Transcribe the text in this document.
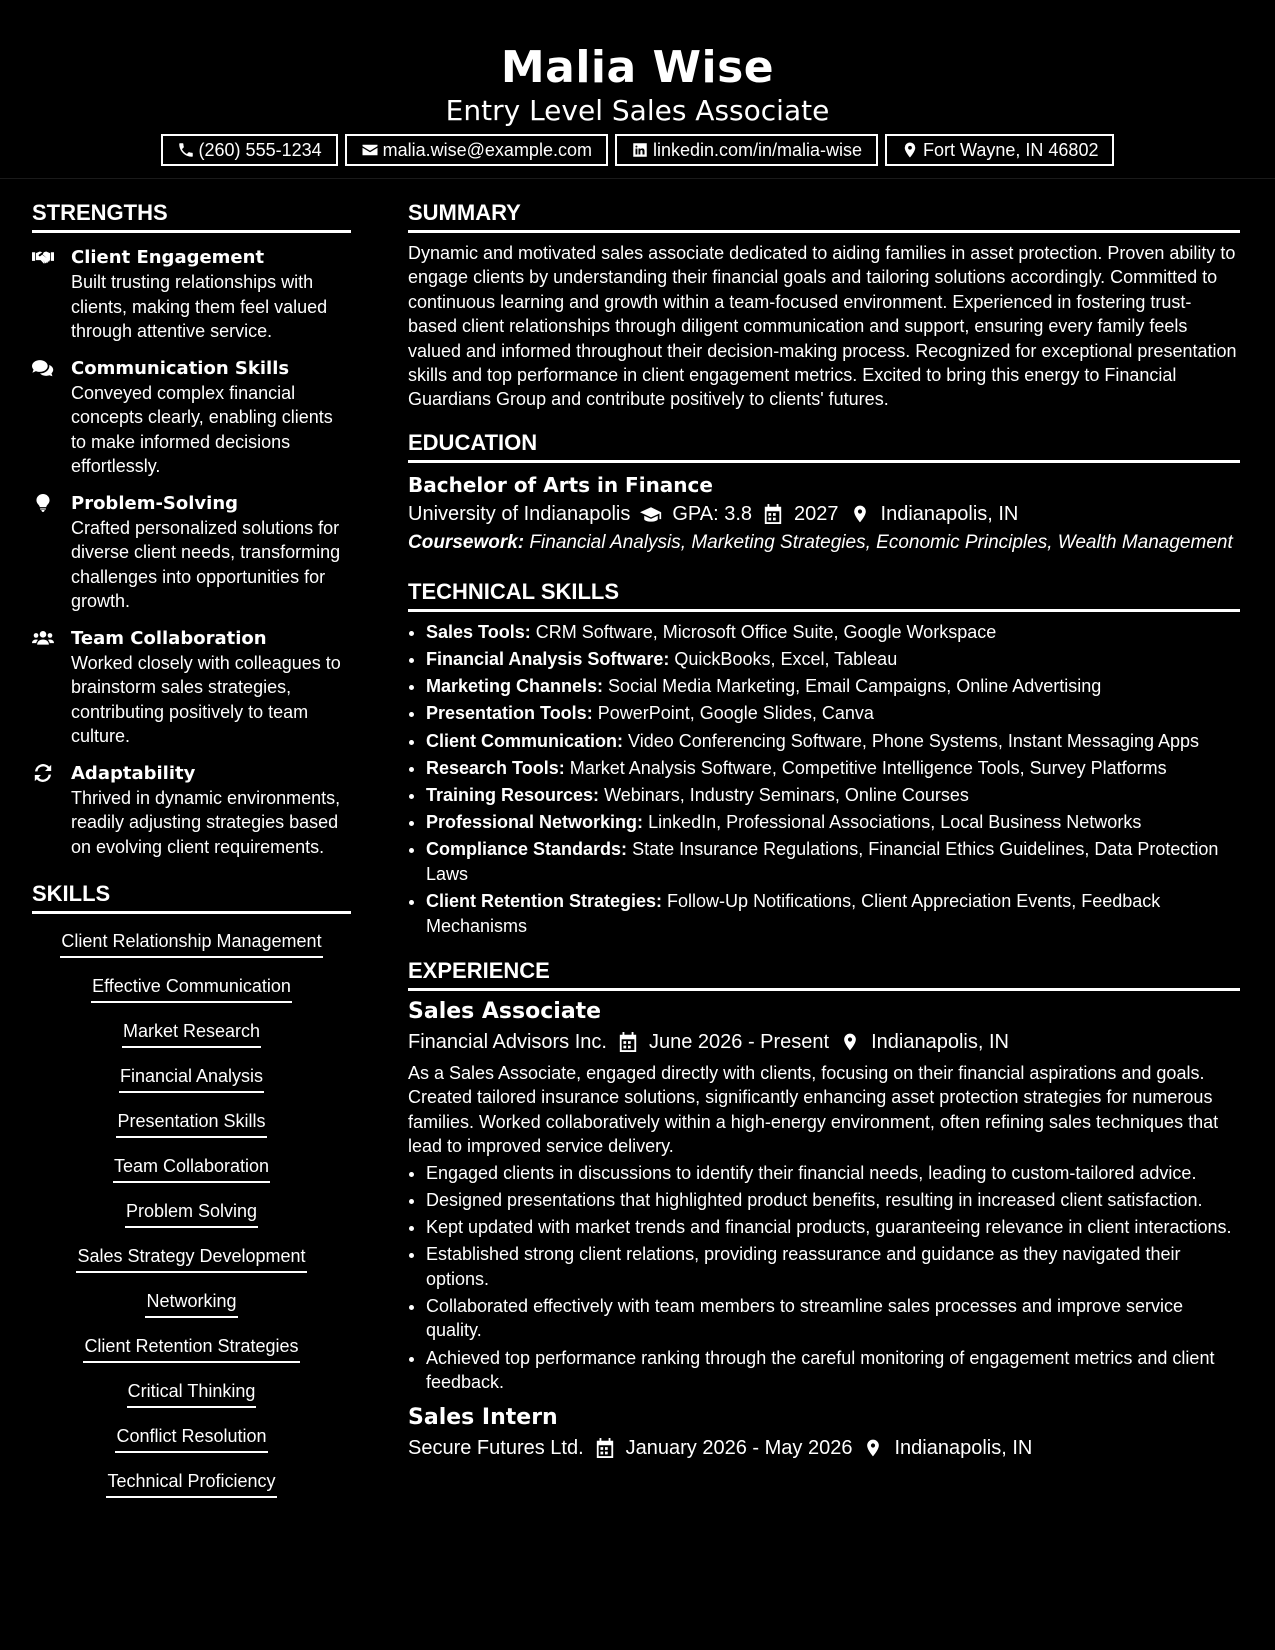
Malia Wise
Entry Level Sales Associate
(260) 555-1234	malia.wise@example.com	linkedin.com/in/malia-wise	Fort Wayne, IN 46802
STRENGTHS
Client Engagement
Built trusting relationships with clients, making them feel valued through attentive service.
Communication Skills
Conveyed complex financial concepts clearly, enabling clients to make informed decisions effortlessly.
Problem-Solving
Crafted personalized solutions for diverse client needs, transforming challenges into opportunities for growth.
Team Collaboration
Worked closely with colleagues to brainstorm sales strategies, contributing positively to team culture.
Adaptability
Thrived in dynamic environments, readily adjusting strategies based on evolving client requirements.
SKILLS
Client Relationship Management
Effective Communication
Market Research
Financial Analysis
Presentation Skills
Team Collaboration
Problem Solving
Sales Strategy Development
Networking
Client Retention Strategies
Critical Thinking
Conflict Resolution
Technical Proficiency
SUMMARY
Dynamic and motivated sales associate dedicated to aiding families in asset protection. Proven ability to engage clients by understanding their financial goals and tailoring solutions accordingly. Committed to continuous learning and growth within a team-focused environment. Experienced in fostering trust-based client relationships through diligent communication and support, ensuring every family feels valued and informed throughout their decision-making process. Recognized for exceptional presentation skills and top performance in client engagement metrics. Excited to bring this energy to Financial Guardians Group and contribute positively to clients' futures.
EDUCATION
Bachelor of Arts in Finance
University of Indianapolis GPA: 3.8 2027 Indianapolis, IN
Coursework: Financial Analysis, Marketing Strategies, Economic Principles, Wealth Management
TECHNICAL SKILLS
• Sales Tools: CRM Software, Microsoft Office Suite, Google Workspace
• Financial Analysis Software: QuickBooks, Excel, Tableau
• Marketing Channels: Social Media Marketing, Email Campaigns, Online Advertising
• Presentation Tools: PowerPoint, Google Slides, Canva
• Client Communication: Video Conferencing Software, Phone Systems, Instant Messaging Apps
• Research Tools: Market Analysis Software, Competitive Intelligence Tools, Survey Platforms
• Training Resources: Webinars, Industry Seminars, Online Courses
• Professional Networking: LinkedIn, Professional Associations, Local Business Networks
• Compliance Standards: State Insurance Regulations, Financial Ethics Guidelines, Data Protection Laws
• Client Retention Strategies: Follow-Up Notifications, Client Appreciation Events, Feedback Mechanisms
EXPERIENCE
Sales Associate
Financial Advisors Inc. June 2026 - Present Indianapolis, IN
As a Sales Associate, engaged directly with clients, focusing on their financial aspirations and goals. Created tailored insurance solutions, significantly enhancing asset protection strategies for numerous families. Worked collaboratively within a high-energy environment, often refining sales techniques that lead to improved service delivery.
• Engaged clients in discussions to identify their financial needs, leading to custom-tailored advice.
• Designed presentations that highlighted product benefits, resulting in increased client satisfaction.
• Kept updated with market trends and financial products, guaranteeing relevance in client interactions.
• Established strong client relations, providing reassurance and guidance as they navigated their options.
• Collaborated effectively with team members to streamline sales processes and improve service quality.
• Achieved top performance ranking through the careful monitoring of engagement metrics and client feedback.
Sales Intern
Secure Futures Ltd. January 2026 - May 2026 Indianapolis, IN
